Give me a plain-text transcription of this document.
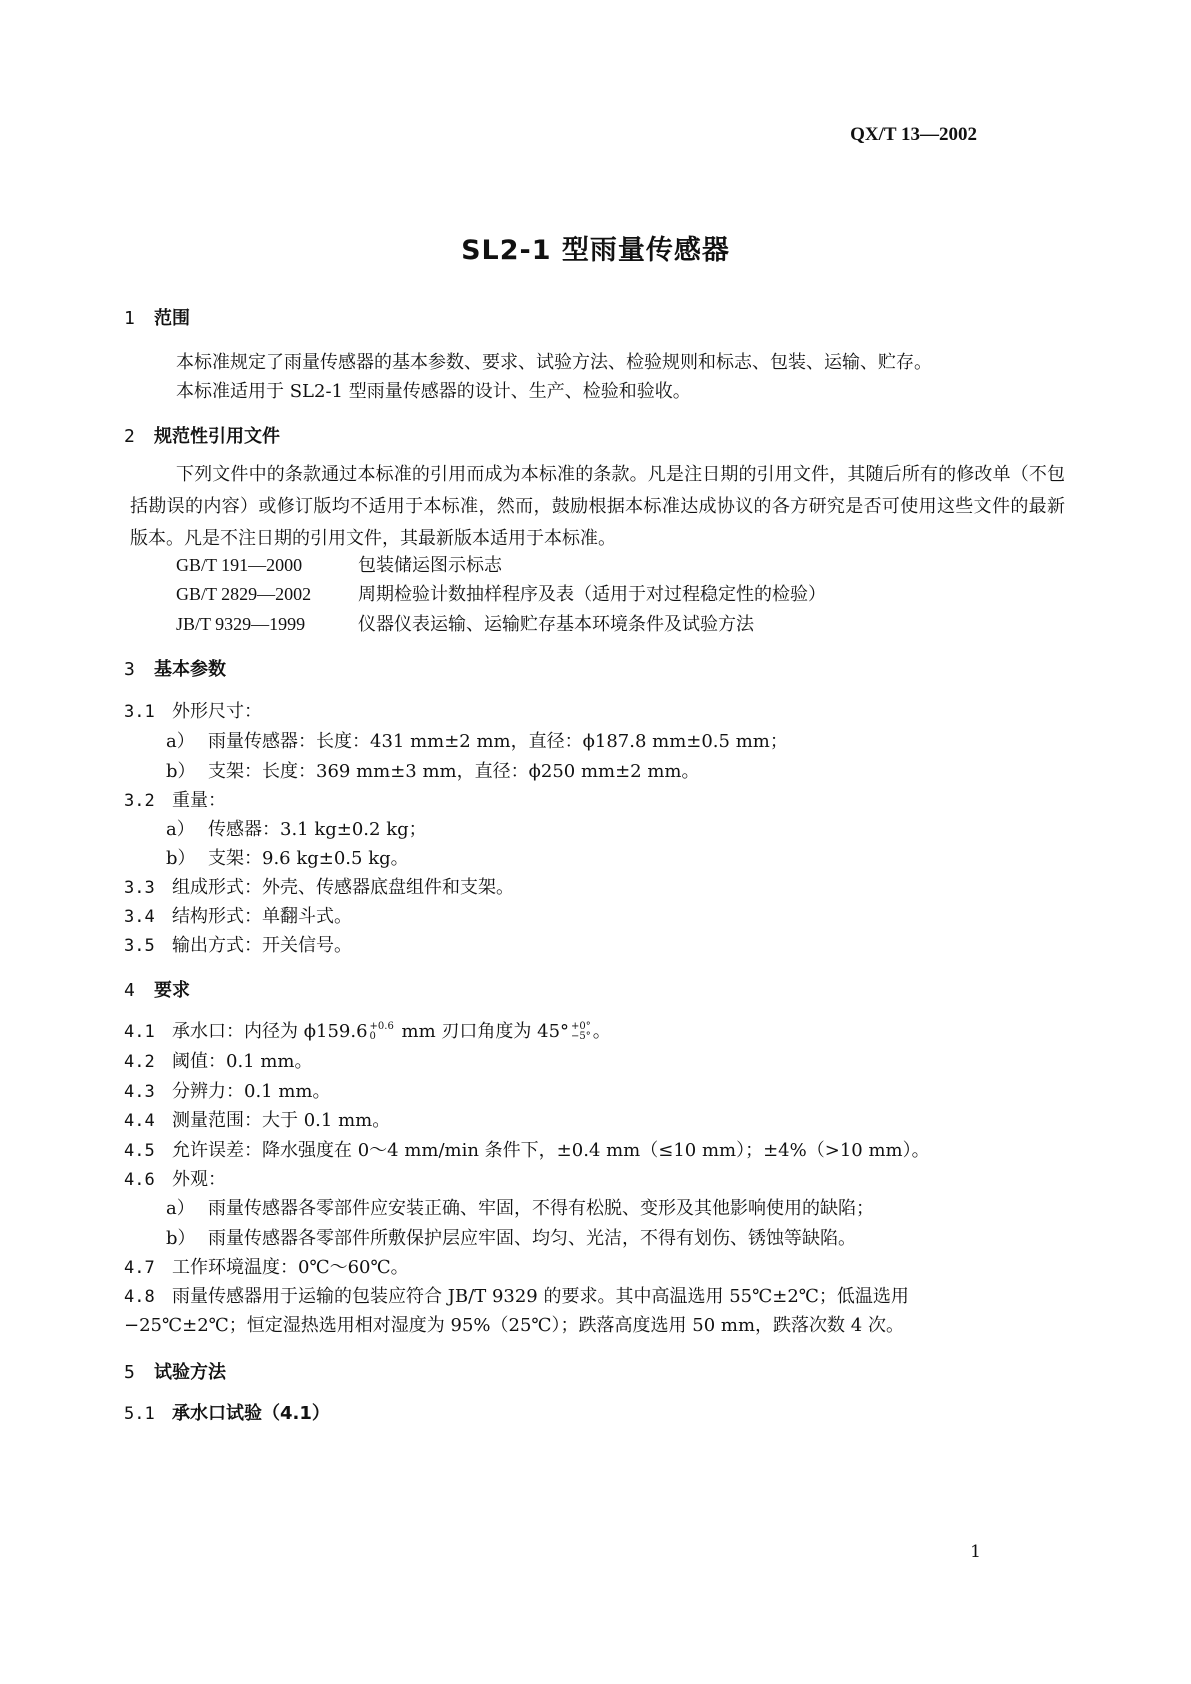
QX/T 13—2002
SL2-1 型雨量传感器
1 范围
本标准规定了雨量传感器的基本参数、要求、试验方法、检验规则和标志、包装、运输、贮存。
本标准适用于 SL2-1 型雨量传感器的设计、生产、检验和验收。
2 规范性引用文件
下列文件中的条款通过本标准的引用而成为本标准的条款。凡是注日期的引用文件，其随后所有的修改单（不包括勘误的内容）或修订版均不适用于本标准，然而，鼓励根据本标准达成协议的各方研究是否可使用这些文件的最新版本。凡是不注日期的引用文件，其最新版本适用于本标准。
GB/T 191—2000	包装储运图示标志
GB/T 2829—2002	周期检验计数抽样程序及表（适用于对过程稳定性的检验）
JB/T 9329—1999	仪器仪表运输、运输贮存基本环境条件及试验方法
3 基本参数
3.1 外形尺寸：
a） 雨量传感器：长度：431 mm±2 mm，直径：ϕ187.8 mm±0.5 mm；
b） 支架：长度：369 mm±3 mm，直径：ϕ250 mm±2 mm。
3.2 重量：
a） 传感器：3.1 kg±0.2 kg；
b） 支架：9.6 kg±0.5 kg。
3.3 组成形式：外壳、传感器底盘组件和支架。
3.4 结构形式：单翻斗式。
3.5 输出方式：开关信号。
4 要求
4.1 承水口：内径为 ϕ159.6 +0.6
0	mm 刃口角度为 45° +0°
−5° 。
4.2 阈值：0.1 mm。
4.3 分辨力：0.1 mm。
4.4 测量范围：大于 0.1 mm。
4.5 允许误差：降水强度在 0～4 mm/min 条件下，±0.4 mm（≤10 mm）；±4%（>10 mm）。
4.6 外观：
a） 雨量传感器各零部件应安装正确、牢固，不得有松脱、变形及其他影响使用的缺陷；
b） 雨量传感器各零部件所敷保护层应牢固、均匀、光洁，不得有划伤、锈蚀等缺陷。
4.7 工作环境温度：0℃～60℃。
4.8 雨量传感器用于运输的包装应符合 JB/T 9329 的要求。其中高温选用 55℃±2℃；低温选用
−25℃±2℃；恒定湿热选用相对湿度为 95%（25℃）；跌落高度选用 50 mm，跌落次数 4 次。
5 试验方法
5.1 承水口试验（4.1）
1
